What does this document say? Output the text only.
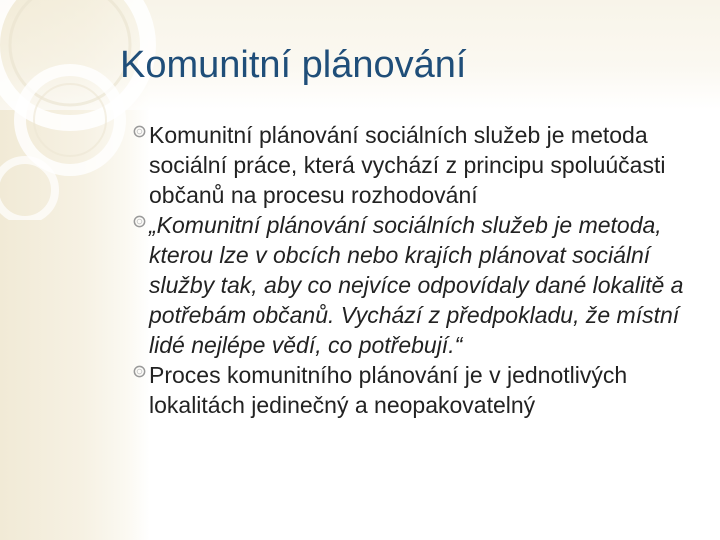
Komunitní plánování

Komunitní plánování sociálních služeb je metoda sociální práce, která vychází z principu spoluúčasti občanů na procesu rozhodování

„Komunitní plánování sociálních služeb je metoda, kterou lze v obcích nebo krajích plánovat sociální služby tak, aby co nejvíce odpovídaly dané lokalitě a potřebám občanů. Vychází z předpokladu, že místní lidé nejlépe vědí, co potřebují.“

Proces komunitního plánování je v jednotlivých lokalitách jedinečný a neopakovatelný
